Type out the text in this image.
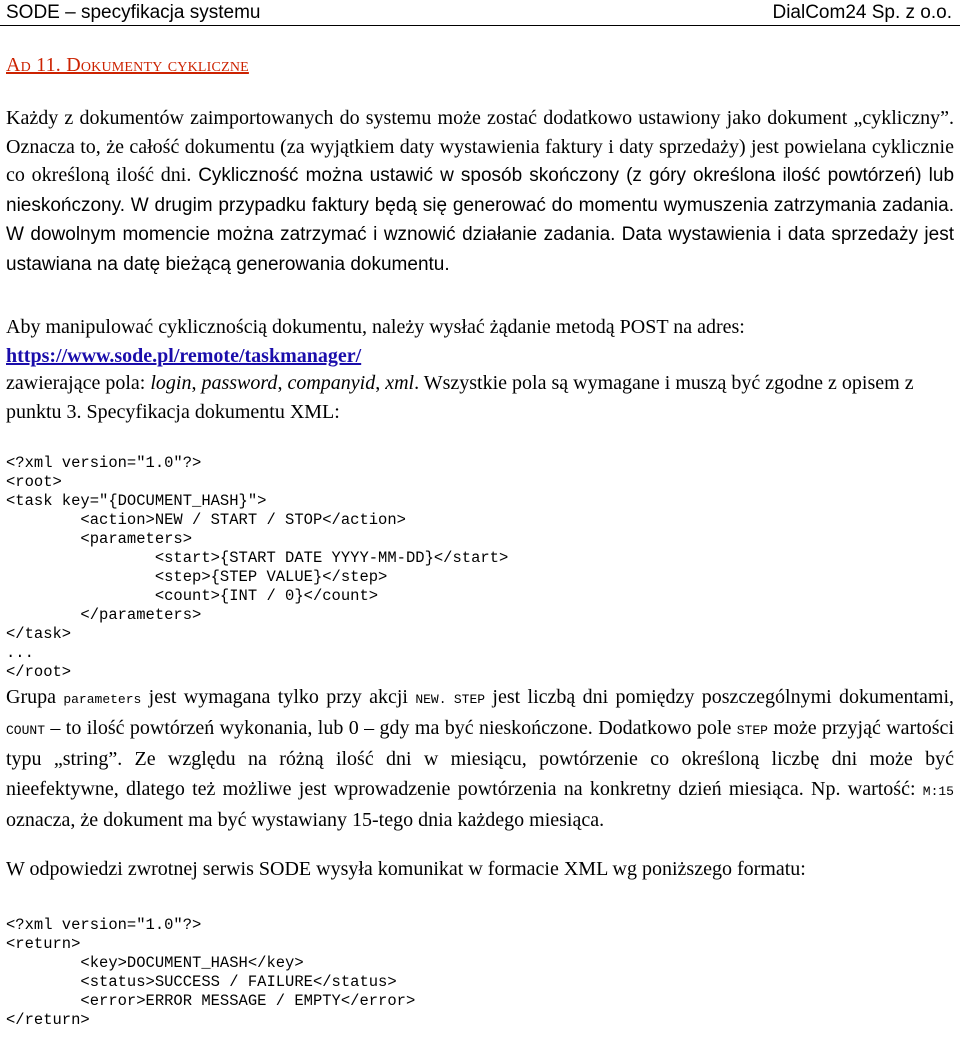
SODE – specyfikacja systemu	DialCom24 Sp. z o.o.
Ad 11. Dokumenty cykliczne
Każdy z dokumentów zaimportowanych do systemu może zostać dodatkowo ustawiony jako dokument „cykliczny”. Oznacza to, że całość dokumentu (za wyjątkiem daty wystawienia faktury i daty sprzedaży) jest powielana cyklicznie co określoną ilość dni. Cykliczność można ustawić w sposób skończony (z góry określona ilość powtórzeń) lub nieskończony. W drugim przypadku faktury będą się generować do momentu wymuszenia zatrzymania zadania. W dowolnym momencie można zatrzymać i wznowić działanie zadania. Data wystawienia i data sprzedaży jest ustawiana na datę bieżącą generowania dokumentu.
Aby manipulować cyklicznością dokumentu, należy wysłać żądanie metodą POST na adres:
https://www.sode.pl/remote/taskmanager/
zawierające pola: login, password, companyid, xml. Wszystkie pola są wymagane i muszą być zgodne z opisem z punktu 3. Specyfikacja dokumentu XML:
<?xml version="1.0"?>
<root>
<task key="{DOCUMENT_HASH}">
<action>NEW / START / STOP</action>
<parameters>
<start>{START DATE YYYY-MM-DD}</start>
<step>{STEP VALUE}</step>
<count>{INT / 0}</count>
</parameters>
</task>
...
</root>
Grupa parameters jest wymagana tylko przy akcji NEW. STEP jest liczbą dni pomiędzy poszczególnymi dokumentami, COUNT – to ilość powtórzeń wykonania, lub 0 – gdy ma być nieskończone. Dodatkowo pole STEP może przyjąć wartości typu „string”. Ze względu na różną ilość dni w miesiącu, powtórzenie co określoną liczbę dni może być nieefektywne, dlatego też możliwe jest wprowadzenie powtórzenia na konkretny dzień miesiąca. Np. wartość: M:15 oznacza, że dokument ma być wystawiany 15-tego dnia każdego miesiąca.
W odpowiedzi zwrotnej serwis SODE wysyła komunikat w formacie XML wg poniższego formatu:
<?xml version="1.0"?>
<return>
<key>DOCUMENT_HASH</key>
<status>SUCCESS / FAILURE</status>
<error>ERROR MESSAGE / EMPTY</error>
</return>
